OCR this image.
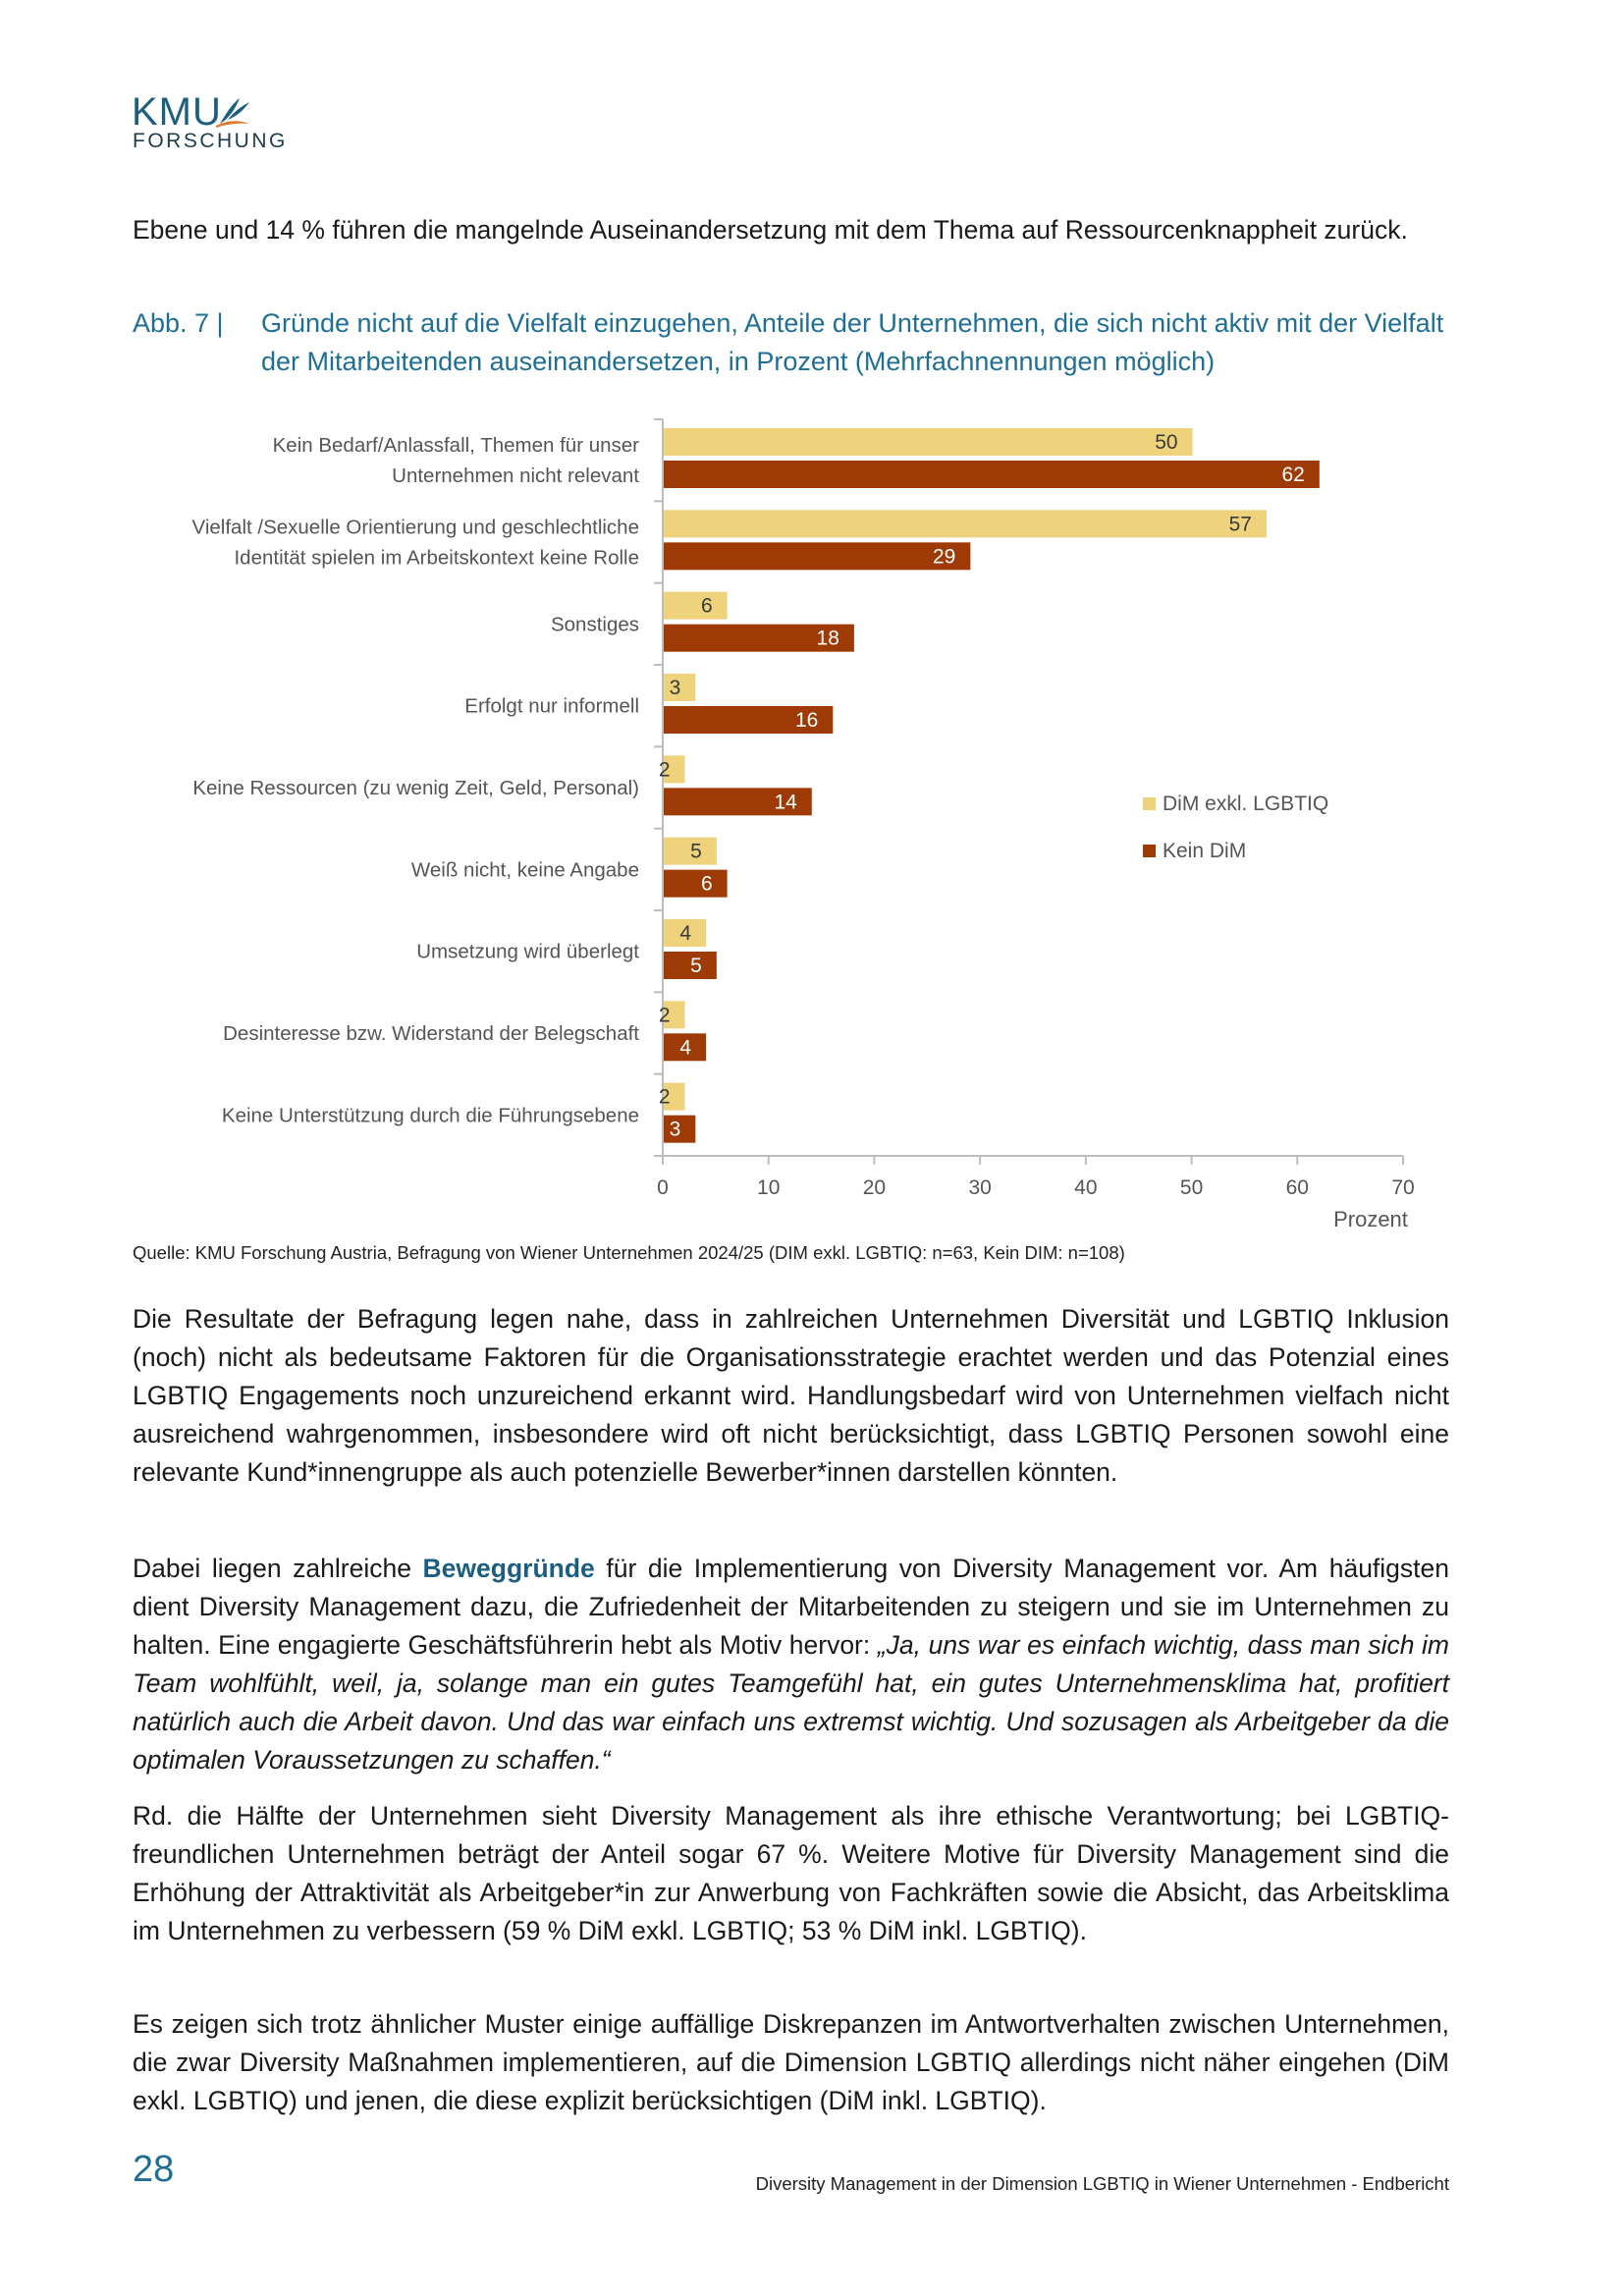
KMU
FORSCHUNG
Ebene und 14 % führen die mangelnde Auseinandersetzung mit dem Thema auf Ressourcenknappheit zurück.
Abb. 7 | Gründe nicht auf die Vielfalt einzugehen, Anteile der Unternehmen, die sich nicht aktiv mit der Vielfalt der Mitarbeitenden auseinandersetzen, in Prozent (Mehrfachnennungen möglich)
0	10	20	30	40	50	60	70
Prozent
Kein Bedarf/Anlassfall, Themen für unser
Unternehmen nicht relevant
50
62
Vielfalt /Sexuelle Orientierung und geschlechtliche
Identität spielen im Arbeitskontext keine Rolle
57
29
Sonstiges
6
18
Erfolgt nur informell
3
16
Keine Ressourcen (zu wenig Zeit, Geld, Personal)
2
14
Weiß nicht, keine Angabe
5
6
Umsetzung wird überlegt
4
5
Desinteresse bzw. Widerstand der Belegschaft
2
4
Keine Unterstützung durch die Führungsebene
2
3
DiM exkl. LGBTIQ
Kein DiM
Quelle: KMU Forschung Austria, Befragung von Wiener Unternehmen 2024/25 (DIM exkl. LGBTIQ: n=63, Kein DIM: n=108)
Die Resultate der Befragung legen nahe, dass in zahlreichen Unternehmen Diversität und LGBTIQ Inklusion (noch) nicht als bedeutsame Faktoren für die Organisationsstrategie erachtet werden und das Potenzial eines LGBTIQ Engagements noch unzureichend erkannt wird. Handlungsbedarf wird von Unternehmen vielfach nicht ausreichend wahrgenommen, insbesondere wird oft nicht berücksichtigt, dass LGBTIQ Personen sowohl eine relevante Kund*innengruppe als auch potenzielle Bewerber*innen darstellen könnten.
Dabei liegen zahlreiche Beweggründe für die Implementierung von Diversity Management vor. Am häufigsten dient Diversity Management dazu, die Zufriedenheit der Mitarbeitenden zu steigern und sie im Unternehmen zu halten. Eine engagierte Geschäftsführerin hebt als Motiv hervor: „Ja, uns war es einfach wichtig, dass man sich im Team wohlfühlt, weil, ja, solange man ein gutes Teamgefühl hat, ein gutes Unternehmensklima hat, profitiert natürlich auch die Arbeit davon. Und das war einfach uns extremst wichtig. Und sozusagen als Arbeitgeber da die optimalen Voraussetzungen zu schaffen.“
Rd. die Hälfte der Unternehmen sieht Diversity Management als ihre ethische Verantwortung; bei LGBTIQ-freundlichen Unternehmen beträgt der Anteil sogar 67 %. Weitere Motive für Diversity Management sind die Erhöhung der Attraktivität als Arbeitgeber*in zur Anwerbung von Fachkräften sowie die Absicht, das Arbeitsklima im Unternehmen zu verbessern (59 % DiM exkl. LGBTIQ; 53 % DiM inkl. LGBTIQ).
Es zeigen sich trotz ähnlicher Muster einige auffällige Diskrepanzen im Antwortverhalten zwischen Unternehmen, die zwar Diversity Maßnahmen implementieren, auf die Dimension LGBTIQ allerdings nicht näher eingehen (DiM exkl. LGBTIQ) und jenen, die diese explizit berücksichtigen (DiM inkl. LGBTIQ).
28	Diversity Management in der Dimension LGBTIQ in Wiener Unternehmen - Endbericht
